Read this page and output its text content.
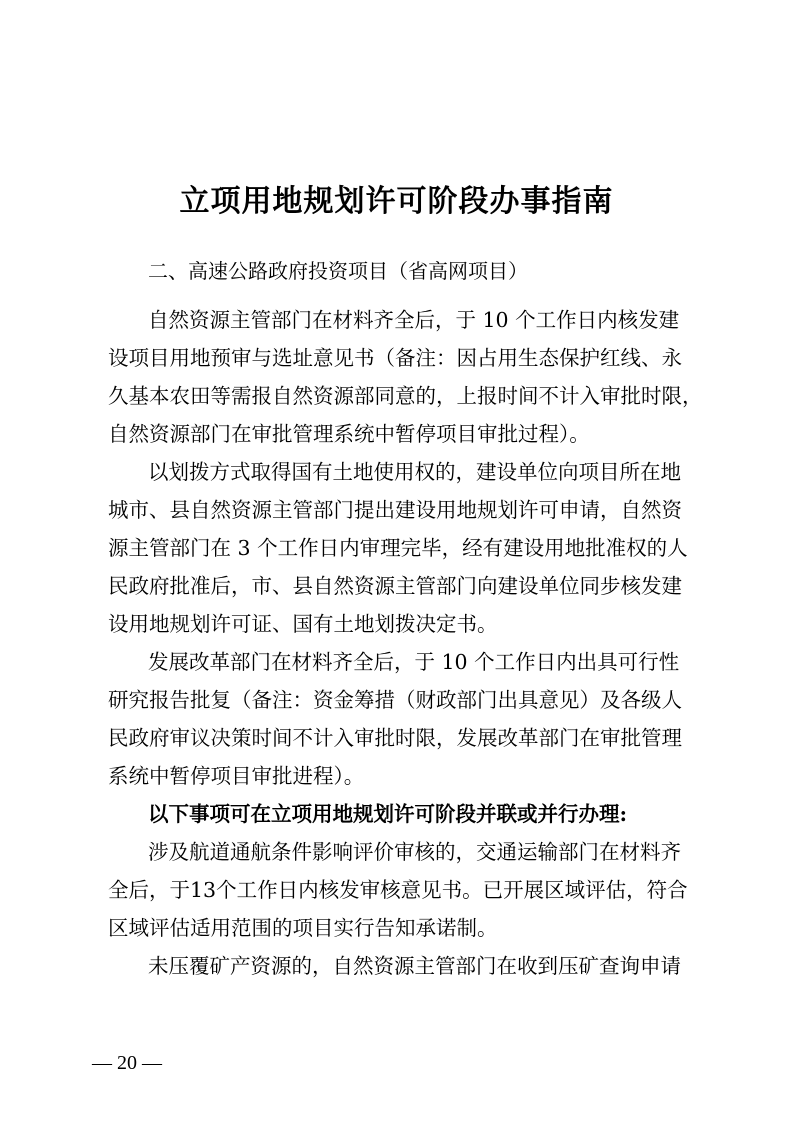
立项用地规划许可阶段办事指南
二、高速公路政府投资项目（省高网项目）
自然资源主管部门在材料齐全后，于 10 个工作日内核发建
设项目用地预审与选址意见书（备注：因占用生态保护红线、永
久基本农田等需报自然资源部同意的，上报时间不计入审批时限，
自然资源部门在审批管理系统中暂停项目审批过程）。
以划拨方式取得国有土地使用权的，建设单位向项目所在地
城市、县自然资源主管部门提出建设用地规划许可申请，自然资
源主管部门在 3 个工作日内审理完毕，经有建设用地批准权的人
民政府批准后，市、县自然资源主管部门向建设单位同步核发建
设用地规划许可证、国有土地划拨决定书。
发展改革部门在材料齐全后，于 10 个工作日内出具可行性
研究报告批复（备注：资金筹措（财政部门出具意见）及各级人
民政府审议决策时间不计入审批时限，发展改革部门在审批管理
系统中暂停项目审批进程）。
以下事项可在立项用地规划许可阶段并联或并行办理:
涉及航道通航条件影响评价审核的，交通运输部门在材料齐
全后，于13个工作日内核发审核意见书。已开展区域评估，符合
区域评估适用范围的项目实行告知承诺制。
未压覆矿产资源的，自然资源主管部门在收到压矿查询申请
— 20 —
